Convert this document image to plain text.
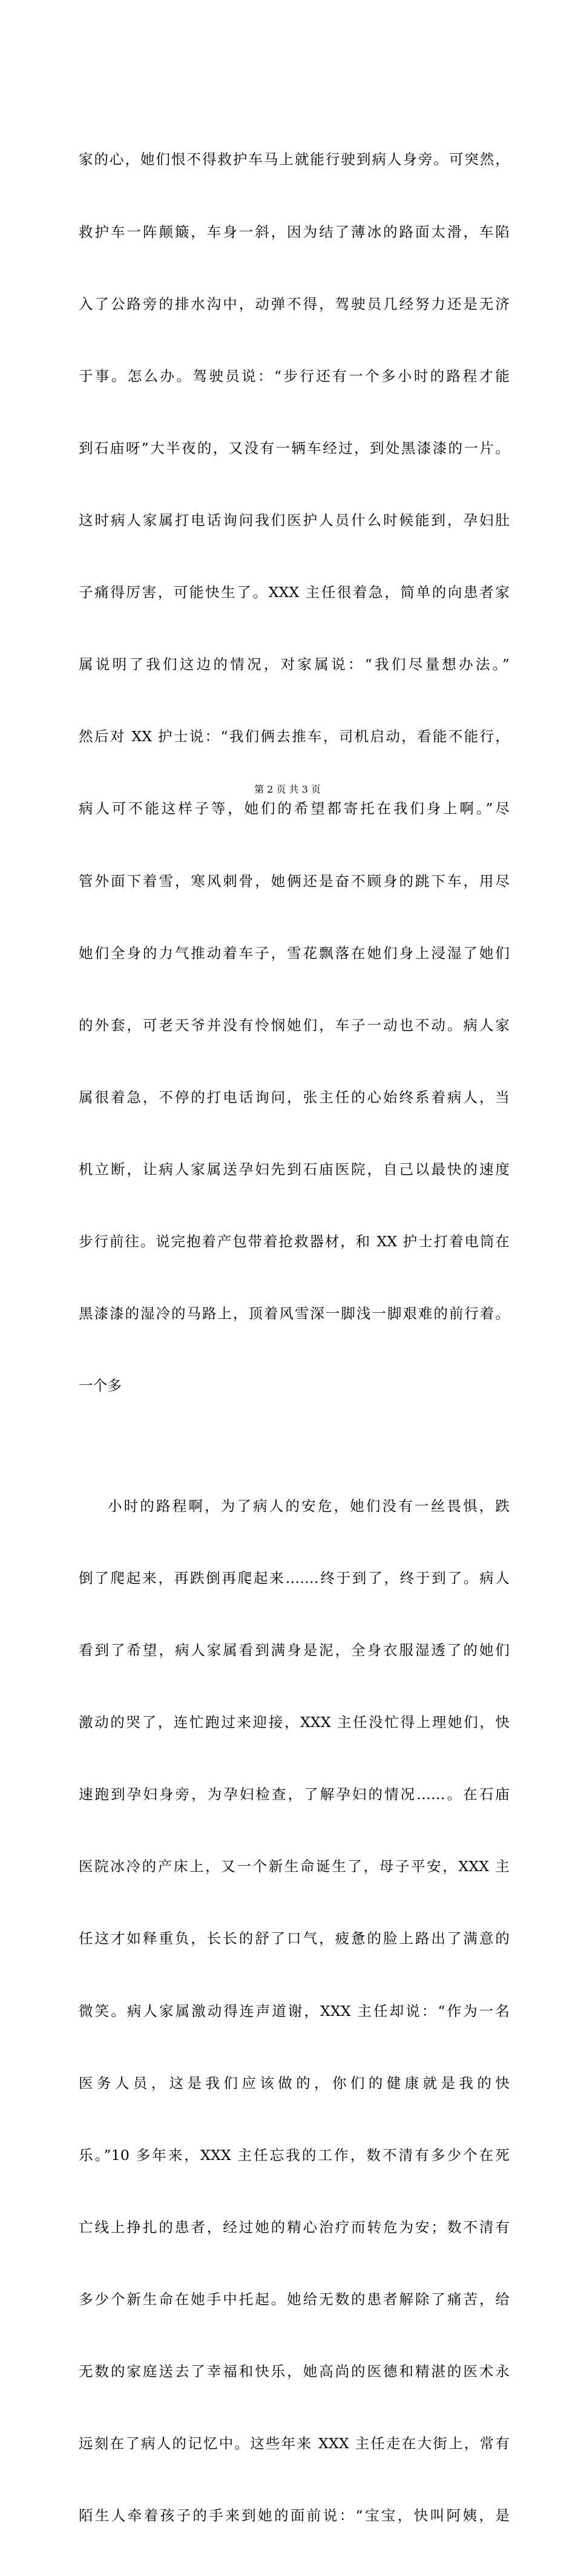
家的心，她们恨不得救护车马上就能行驶到病人身旁。可突然，

救护车一阵颠簸，车身一斜，因为结了薄冰的路面太滑，车陷

入了公路旁的排水沟中，动弹不得，驾驶员几经努力还是无济

于事。怎么办。驾驶员说：“步行还有一个多小时的路程才能

到石庙呀”大半夜的，又没有一辆车经过，到处黑漆漆的一片。

这时病人家属打电话询问我们医护人员什么时候能到，孕妇肚

子痛得厉害，可能快生了。XXX 主任很着急，简单的向患者家

属说明了我们这边的情况，对家属说：“我们尽量想办法。”

然后对 XX 护士说：“我们俩去推车，司机启动，看能不能行，

病人可不能这样子等，她们的希望都寄托在我们身上啊。”尽

管外面下着雪，寒风刺骨，她俩还是奋不顾身的跳下车，用尽

她们全身的力气推动着车子，雪花飘落在她们身上浸湿了她们

的外套，可老天爷并没有怜悯她们，车子一动也不动。病人家

属很着急，不停的打电话询问，张主任的心始终系着病人，当

机立断，让病人家属送孕妇先到石庙医院，自己以最快的速度

步行前往。说完抱着产包带着抢救器材，和 XX 护士打着电筒在

黑漆漆的湿冷的马路上，顶着风雪深一脚浅一脚艰难的前行着。

一个多

小时的路程啊，为了病人的安危，她们没有一丝畏惧，跌

倒了爬起来，再跌倒再爬起来…….终于到了，终于到了。病人

看到了希望，病人家属看到满身是泥，全身衣服湿透了的她们

激动的哭了，连忙跑过来迎接，XXX 主任没忙得上理她们，快

速跑到孕妇身旁，为孕妇检查，了解孕妇的情况……。在石庙

医院冰冷的产床上，又一个新生命诞生了，母子平安，XXX 主

任这才如释重负，长长的舒了口气，疲惫的脸上路出了满意的

微笑。病人家属激动得连声道谢，XXX 主任却说：“作为一名

医务人员，这是我们应该做的，你们的健康就是我的快

乐。”10 多年来，XXX 主任忘我的工作，数不清有多少个在死

亡线上挣扎的患者，经过她的精心治疗而转危为安；数不清有

多少个新生命在她手中托起。她给无数的患者解除了痛苦，给

无数的家庭送去了幸福和快乐，她高尚的医德和精湛的医术永

远刻在了病人的记忆中。这些年来 XXX 主任走在大街上，常有

陌生人牵着孩子的手来到她的面前说：“宝宝，快叫阿姨，是

第 2 页 共 3 页
